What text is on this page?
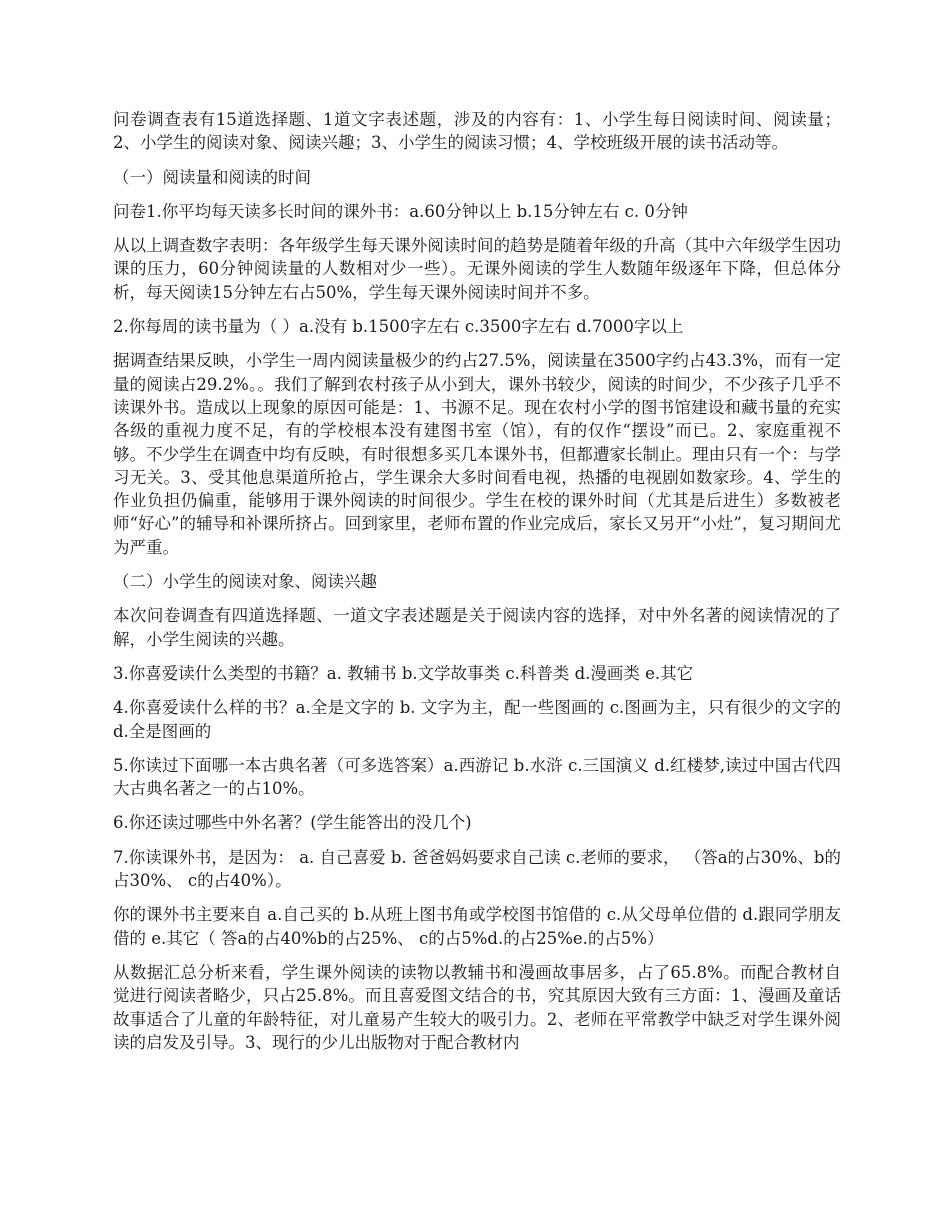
问卷调查表有15道选择题、1道文字表述题，涉及的内容有：1、小学生每日阅读时间、阅读量；2、小学生的阅读对象、阅读兴趣；3、小学生的阅读习惯；4、学校班级开展的读书活动等。

（一）阅读量和阅读的时间

问卷1.你平均每天读多长时间的课外书：a.60分钟以上 b.15分钟左右 c. 0分钟

从以上调查数字表明：各年级学生每天课外阅读时间的趋势是随着年级的升高（其中六年级学生因功课的压力，60分钟阅读量的人数相对少一些）。无课外阅读的学生人数随年级逐年下降，但总体分析，每天阅读15分钟左右占50%，学生每天课外阅读时间并不多。

2.你每周的读书量为（ ）a.没有 b.1500字左右 c.3500字左右 d.7000字以上

据调查结果反映，小学生一周内阅读量极少的约占27.5%，阅读量在3500字约占43.3%，而有一定量的阅读占29.2%。。我们了解到农村孩子从小到大，课外书较少，阅读的时间少，不少孩子几乎不读课外书。造成以上现象的原因可能是：1、书源不足。现在农村小学的图书馆建设和藏书量的充实各级的重视力度不足，有的学校根本没有建图书室（馆），有的仅作“摆设”而已。2、家庭重视不够。不少学生在调查中均有反映，有时很想多买几本课外书，但都遭家长制止。理由只有一个：与学习无关。3、受其他息渠道所抢占，学生课余大多时间看电视，热播的电视剧如数家珍。4、学生的作业负担仍偏重，能够用于课外阅读的时间很少。学生在校的课外时间（尤其是后进生）多数被老师“好心”的辅导和补课所挤占。回到家里，老师布置的作业完成后，家长又另开“小灶”，复习期间尤为严重。

（二）小学生的阅读对象、阅读兴趣

本次问卷调查有四道选择题、一道文字表述题是关于阅读内容的选择，对中外名著的阅读情况的了解，小学生阅读的兴趣。

3.你喜爱读什么类型的书籍？a. 教辅书 b.文学故事类 c.科普类 d.漫画类 e.其它

4.你喜爱读什么样的书？a.全是文字的 b. 文字为主，配一些图画的 c.图画为主，只有很少的文字的 d.全是图画的

5.你读过下面哪一本古典名著（可多选答案）a.西游记 b.水浒 c.三国演义 d.红楼梦,读过中国古代四大古典名著之一的占10%。

6.你还读过哪些中外名著？(学生能答出的没几个)

7.你读课外书，是因为： a. 自己喜爱 b. 爸爸妈妈要求自己读 c.老师的要求， （答a的占30%、b的占30%、 c的占40%）。

你的课外书主要来自 a.自己买的 b.从班上图书角或学校图书馆借的 c.从父母单位借的 d.跟同学朋友借的 e.其它（ 答a的占40%b的占25%、 c的占5%d.的占25%e.的占5%）

从数据汇总分析来看，学生课外阅读的读物以教辅书和漫画故事居多，占了65.8%。而配合教材自觉进行阅读者略少，只占25.8%。而且喜爱图文结合的书，究其原因大致有三方面：1、漫画及童话故事适合了儿童的年龄特征，对儿童易产生较大的吸引力。2、老师在平常教学中缺乏对学生课外阅读的启发及引导。3、现行的少儿出版物对于配合教材内
